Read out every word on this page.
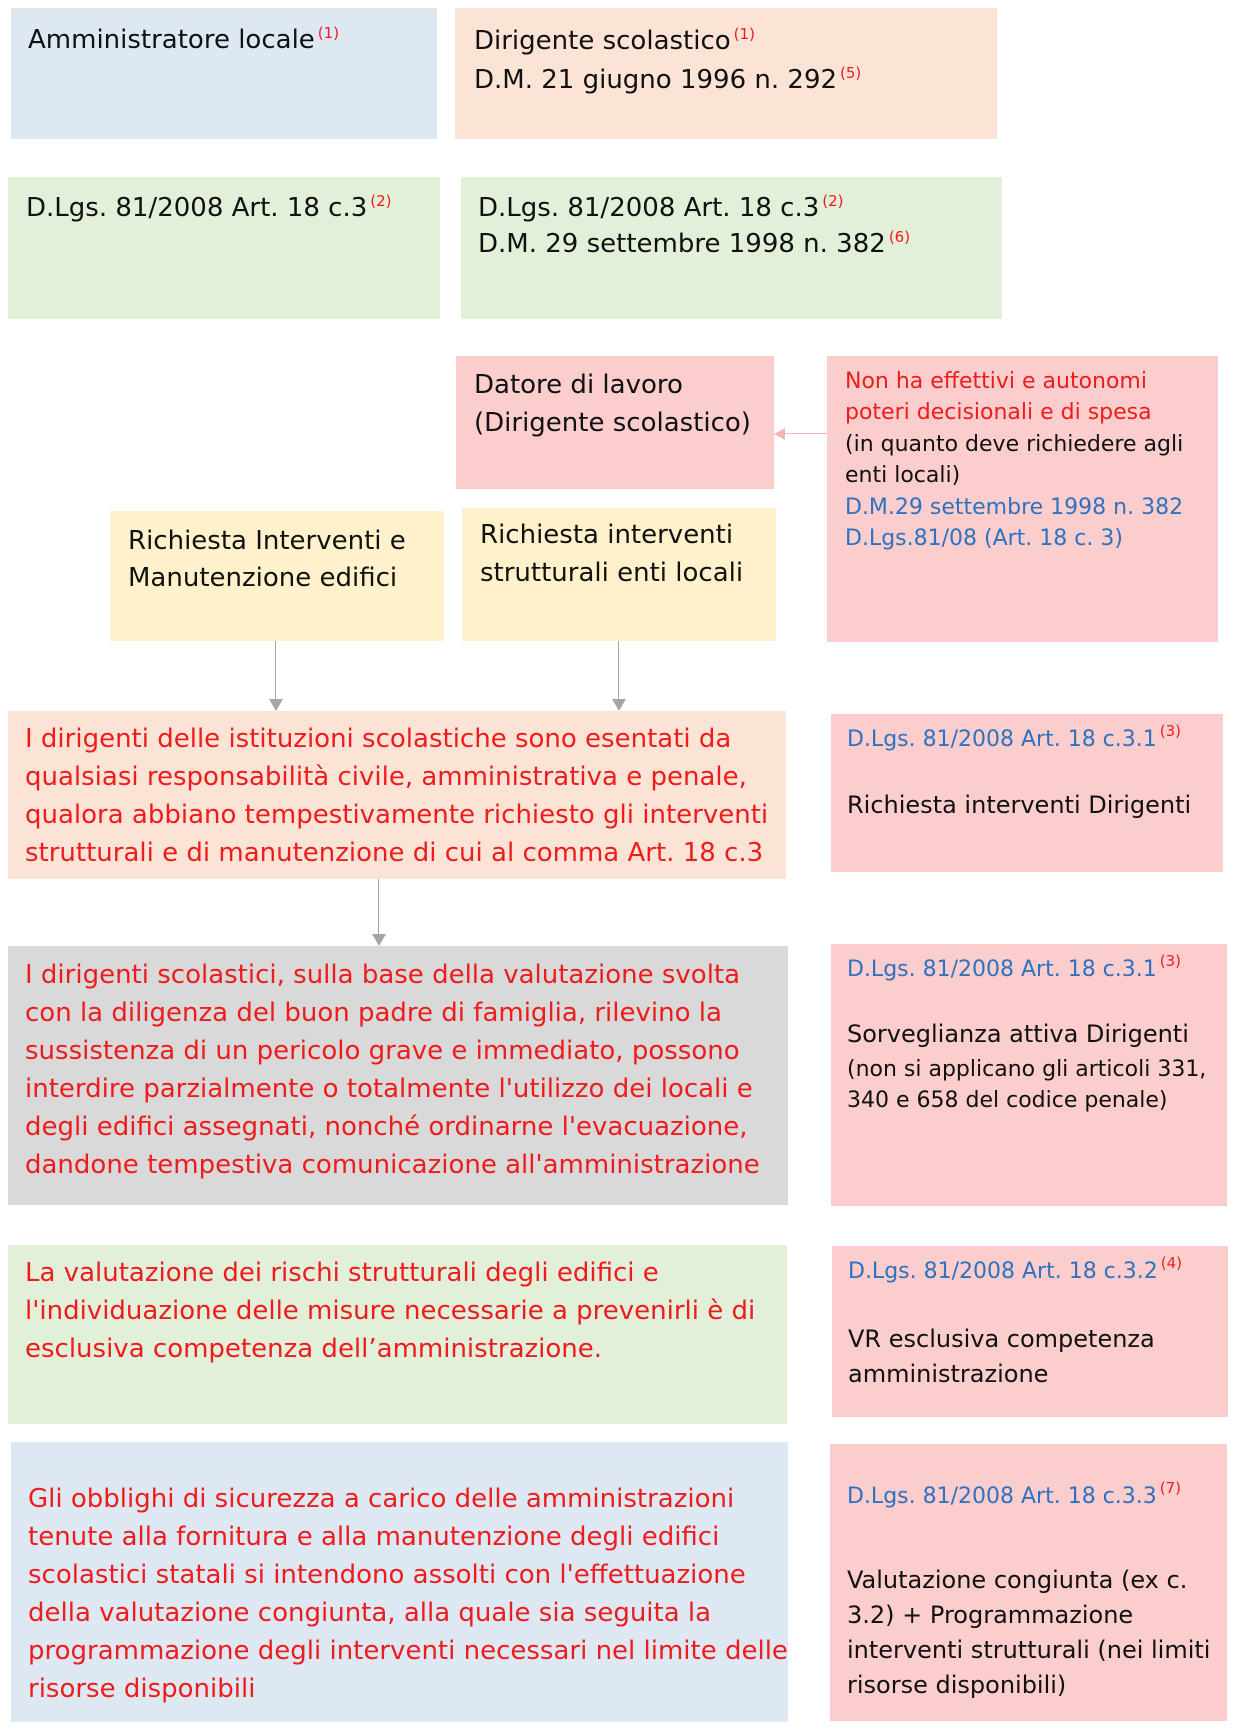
Amministratore locale $^{(1)}$	Dirigente scolastico $^{(1)}$
D.M. 21 giugno 1996 n. 292 $^{(5)}$
D.Lgs. 81/2008 Art. 18 c.3 $^{(2)}$	D.Lgs. 81/2008 Art. 18 c.3 $^{(2)}$
D.M. 29 settembre 1998 n. 382 $^{(6)}$
Datore di lavoro
(Dirigente scolastico)
Non ha effettivi e autonomi
poteri decisionali e di spesa
(in quanto deve richiedere agli
enti locali)
D.M.29 settembre 1998 n. 382
D.Lgs.81/08 (Art. 18 c. 3)
Richiesta Interventi e
Manutenzione edifici
Richiesta interventi
strutturali enti locali
I dirigenti delle istituzioni scolastiche sono esentati da
qualsiasi responsabilità civile, amministrativa e penale,
qualora abbiano tempestivamente richiesto gli interventi
strutturali e di manutenzione di cui al comma Art. 18 c.3
D.Lgs. 81/2008 Art. 18 c.3.1 $^{(3)}$
Richiesta interventi Dirigenti
I dirigenti scolastici, sulla base della valutazione svolta
con la diligenza del buon padre di famiglia, rilevino la
sussistenza di un pericolo grave e immediato, possono
interdire parzialmente o totalmente l'utilizzo dei locali e
degli edifici assegnati, nonché ordinarne l'evacuazione,
dandone tempestiva comunicazione all'amministrazione
D.Lgs. 81/2008 Art. 18 c.3.1 $^{(3)}$
Sorveglianza attiva Dirigenti
(non si applicano gli articoli 331,
340 e 658 del codice penale)
La valutazione dei rischi strutturali degli edifici e
l'individuazione delle misure necessarie a prevenirli è di
esclusiva competenza dell’amministrazione.
D.Lgs. 81/2008 Art. 18 c.3.2 $^{(4)}$
VR esclusiva competenza
amministrazione
Gli obblighi di sicurezza a carico delle amministrazioni
tenute alla fornitura e alla manutenzione degli edifici
scolastici statali si intendono assolti con l'effettuazione
della valutazione congiunta, alla quale sia seguita la
programmazione degli interventi necessari nel limite delle
risorse disponibili
D.Lgs. 81/2008 Art. 18 c.3.3 $^{(7)}$
Valutazione congiunta (ex c.
3.2) + Programmazione
interventi strutturali (nei limiti
risorse disponibili)
